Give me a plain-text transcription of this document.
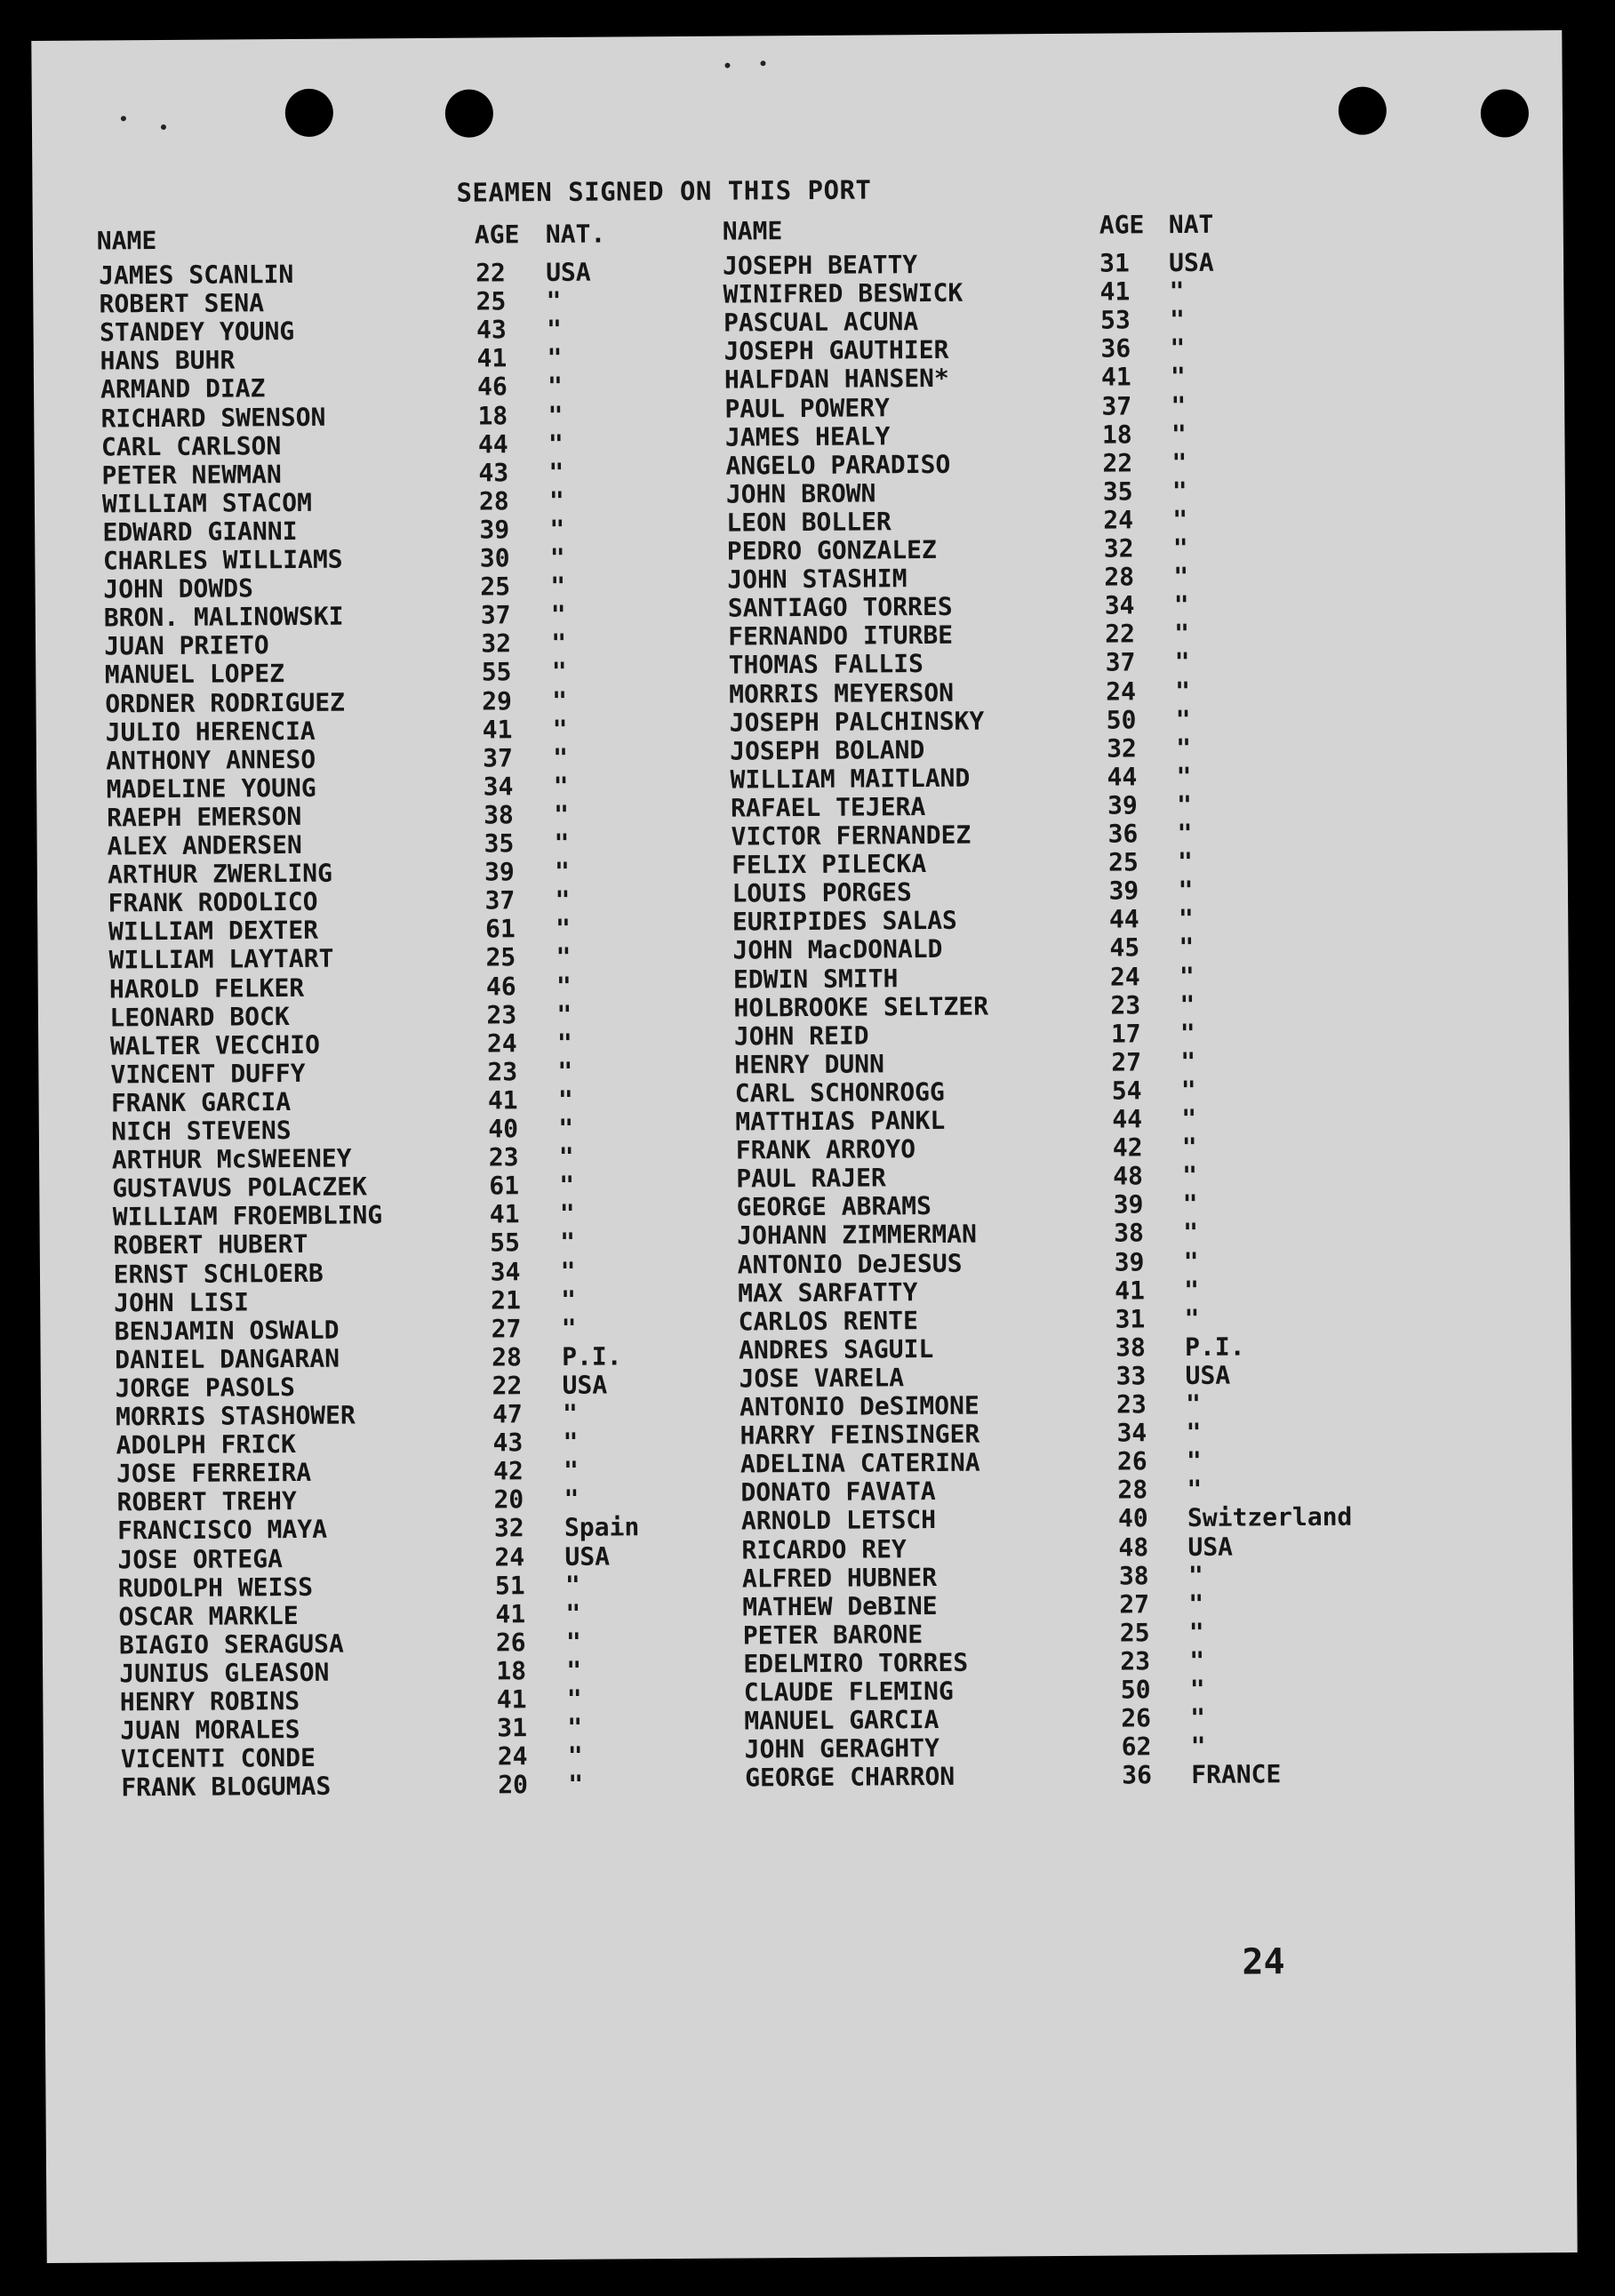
SEAMEN SIGNED ON THIS PORT
NAME	AGE NAT.	NAME	AGE NAT
JAMES SCANLIN	22 USA
ROBERT SENA	25 "
STANDEY YOUNG	43 "
HANS BUHR	41 "
ARMAND DIAZ	46 "
RICHARD SWENSON	18 "
CARL CARLSON	44 "
PETER NEWMAN	43 "
WILLIAM STACOM	28 "
EDWARD GIANNI	39 "
CHARLES WILLIAMS	30 "
JOHN DOWDS	25 "
BRON. MALINOWSKI	37 "
JUAN PRIETO	32 "
MANUEL LOPEZ	55 "
ORDNER RODRIGUEZ	29 "
JULIO HERENCIA	41 "
ANTHONY ANNESO	37 "
MADELINE YOUNG	34 "
RAEPH EMERSON	38 "
ALEX ANDERSEN	35 "
ARTHUR ZWERLING	39 "
FRANK RODOLICO	37 "
WILLIAM DEXTER	61 "
WILLIAM LAYTART	25 "
HAROLD FELKER	46 "
LEONARD BOCK	23 "
WALTER VECCHIO	24 "
VINCENT DUFFY	23 "
FRANK GARCIA	41 "
NICH STEVENS	40 "
ARTHUR McSWEENEY	23 "
GUSTAVUS POLACZEK	61 "
WILLIAM FROEMBLING	41 "
ROBERT HUBERT	55 "
ERNST SCHLOERB	34 "
JOHN LISI	21 "
BENJAMIN OSWALD	27 "
DANIEL DANGARAN	28 P.I.
JORGE PASOLS	22 USA
MORRIS STASHOWER	47 "
ADOLPH FRICK	43 "
JOSE FERREIRA	42 "
ROBERT TREHY	20 "
FRANCISCO MAYA	32 Spain
JOSE ORTEGA	24 USA
RUDOLPH WEISS	51 "
OSCAR MARKLE	41 "
BIAGIO SERAGUSA	26 "
JUNIUS GLEASON	18 "
HENRY ROBINS	41 "
JUAN MORALES	31 "
VICENTI CONDE	24 "
FRANK BLOGUMAS	20 "
JOSEPH BEATTY	31 USA
WINIFRED BESWICK	41 "
PASCUAL ACUNA	53 "
JOSEPH GAUTHIER	36 "
HALFDAN HANSEN*	41 "
PAUL POWERY	37 "
JAMES HEALY	18 "
ANGELO PARADISO	22 "
JOHN BROWN	35 "
LEON BOLLER	24 "
PEDRO GONZALEZ	32 "
JOHN STASHIM	28 "
SANTIAGO TORRES	34 "
FERNANDO ITURBE	22 "
THOMAS FALLIS	37 "
MORRIS MEYERSON	24 "
JOSEPH PALCHINSKY	50 "
JOSEPH BOLAND	32 "
WILLIAM MAITLAND	44 "
RAFAEL TEJERA	39 "
VICTOR FERNANDEZ	36 "
FELIX PILECKA	25 "
LOUIS PORGES	39 "
EURIPIDES SALAS	44 "
JOHN MacDONALD	45 "
EDWIN SMITH	24 "
HOLBROOKE SELTZER	23 "
JOHN REID	17 "
HENRY DUNN	27 "
CARL SCHONROGG	54 "
MATTHIAS PANKL	44 "
FRANK ARROYO	42 "
PAUL RAJER	48 "
GEORGE ABRAMS	39 "
JOHANN ZIMMERMAN	38 "
ANTONIO DeJESUS	39 "
MAX SARFATTY	41 "
CARLOS RENTE	31 "
ANDRES SAGUIL	38 P.I.
JOSE VARELA	33 USA
ANTONIO DeSIMONE	23 "
HARRY FEINSINGER	34 "
ADELINA CATERINA	26 "
DONATO FAVATA	28 "
ARNOLD LETSCH	40 Switzerland
RICARDO REY	48 USA
ALFRED HUBNER	38 "
MATHEW DeBINE	27 "
PETER BARONE	25 "
EDELMIRO TORRES	23 "
CLAUDE FLEMING	50 "
MANUEL GARCIA	26 "
JOHN GERAGHTY	62 "
GEORGE CHARRON	36 FRANCE
24
